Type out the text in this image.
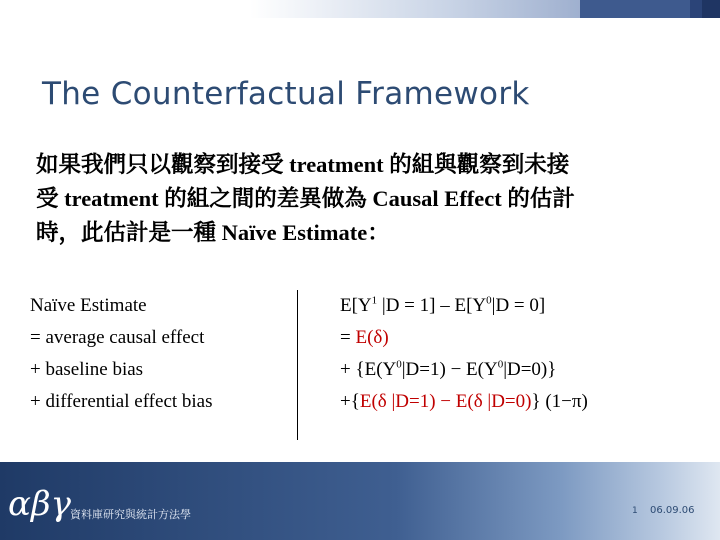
The Counterfactual Framework
如果我們只以觀察到接受 treatment 的組與觀察到未接
受 treatment 的組之間的差異做為 Causal Effect 的估計
時，此估計是一種 Naïve Estimate：
Naïve Estimate
= average causal effect
+ baseline bias
+ differential effect bias
$E[Y^1$ $|D = 1] - E[Y^0|D = 0]$
= E(δ)
+ $\{E(Y^0|D=1) - E(Y^0|D=0)\}$
+{E(δ |D=1) − E(δ |D=0)} (1−π)
αβγ 資料庫研究與統計方法學	1 06.09.06
